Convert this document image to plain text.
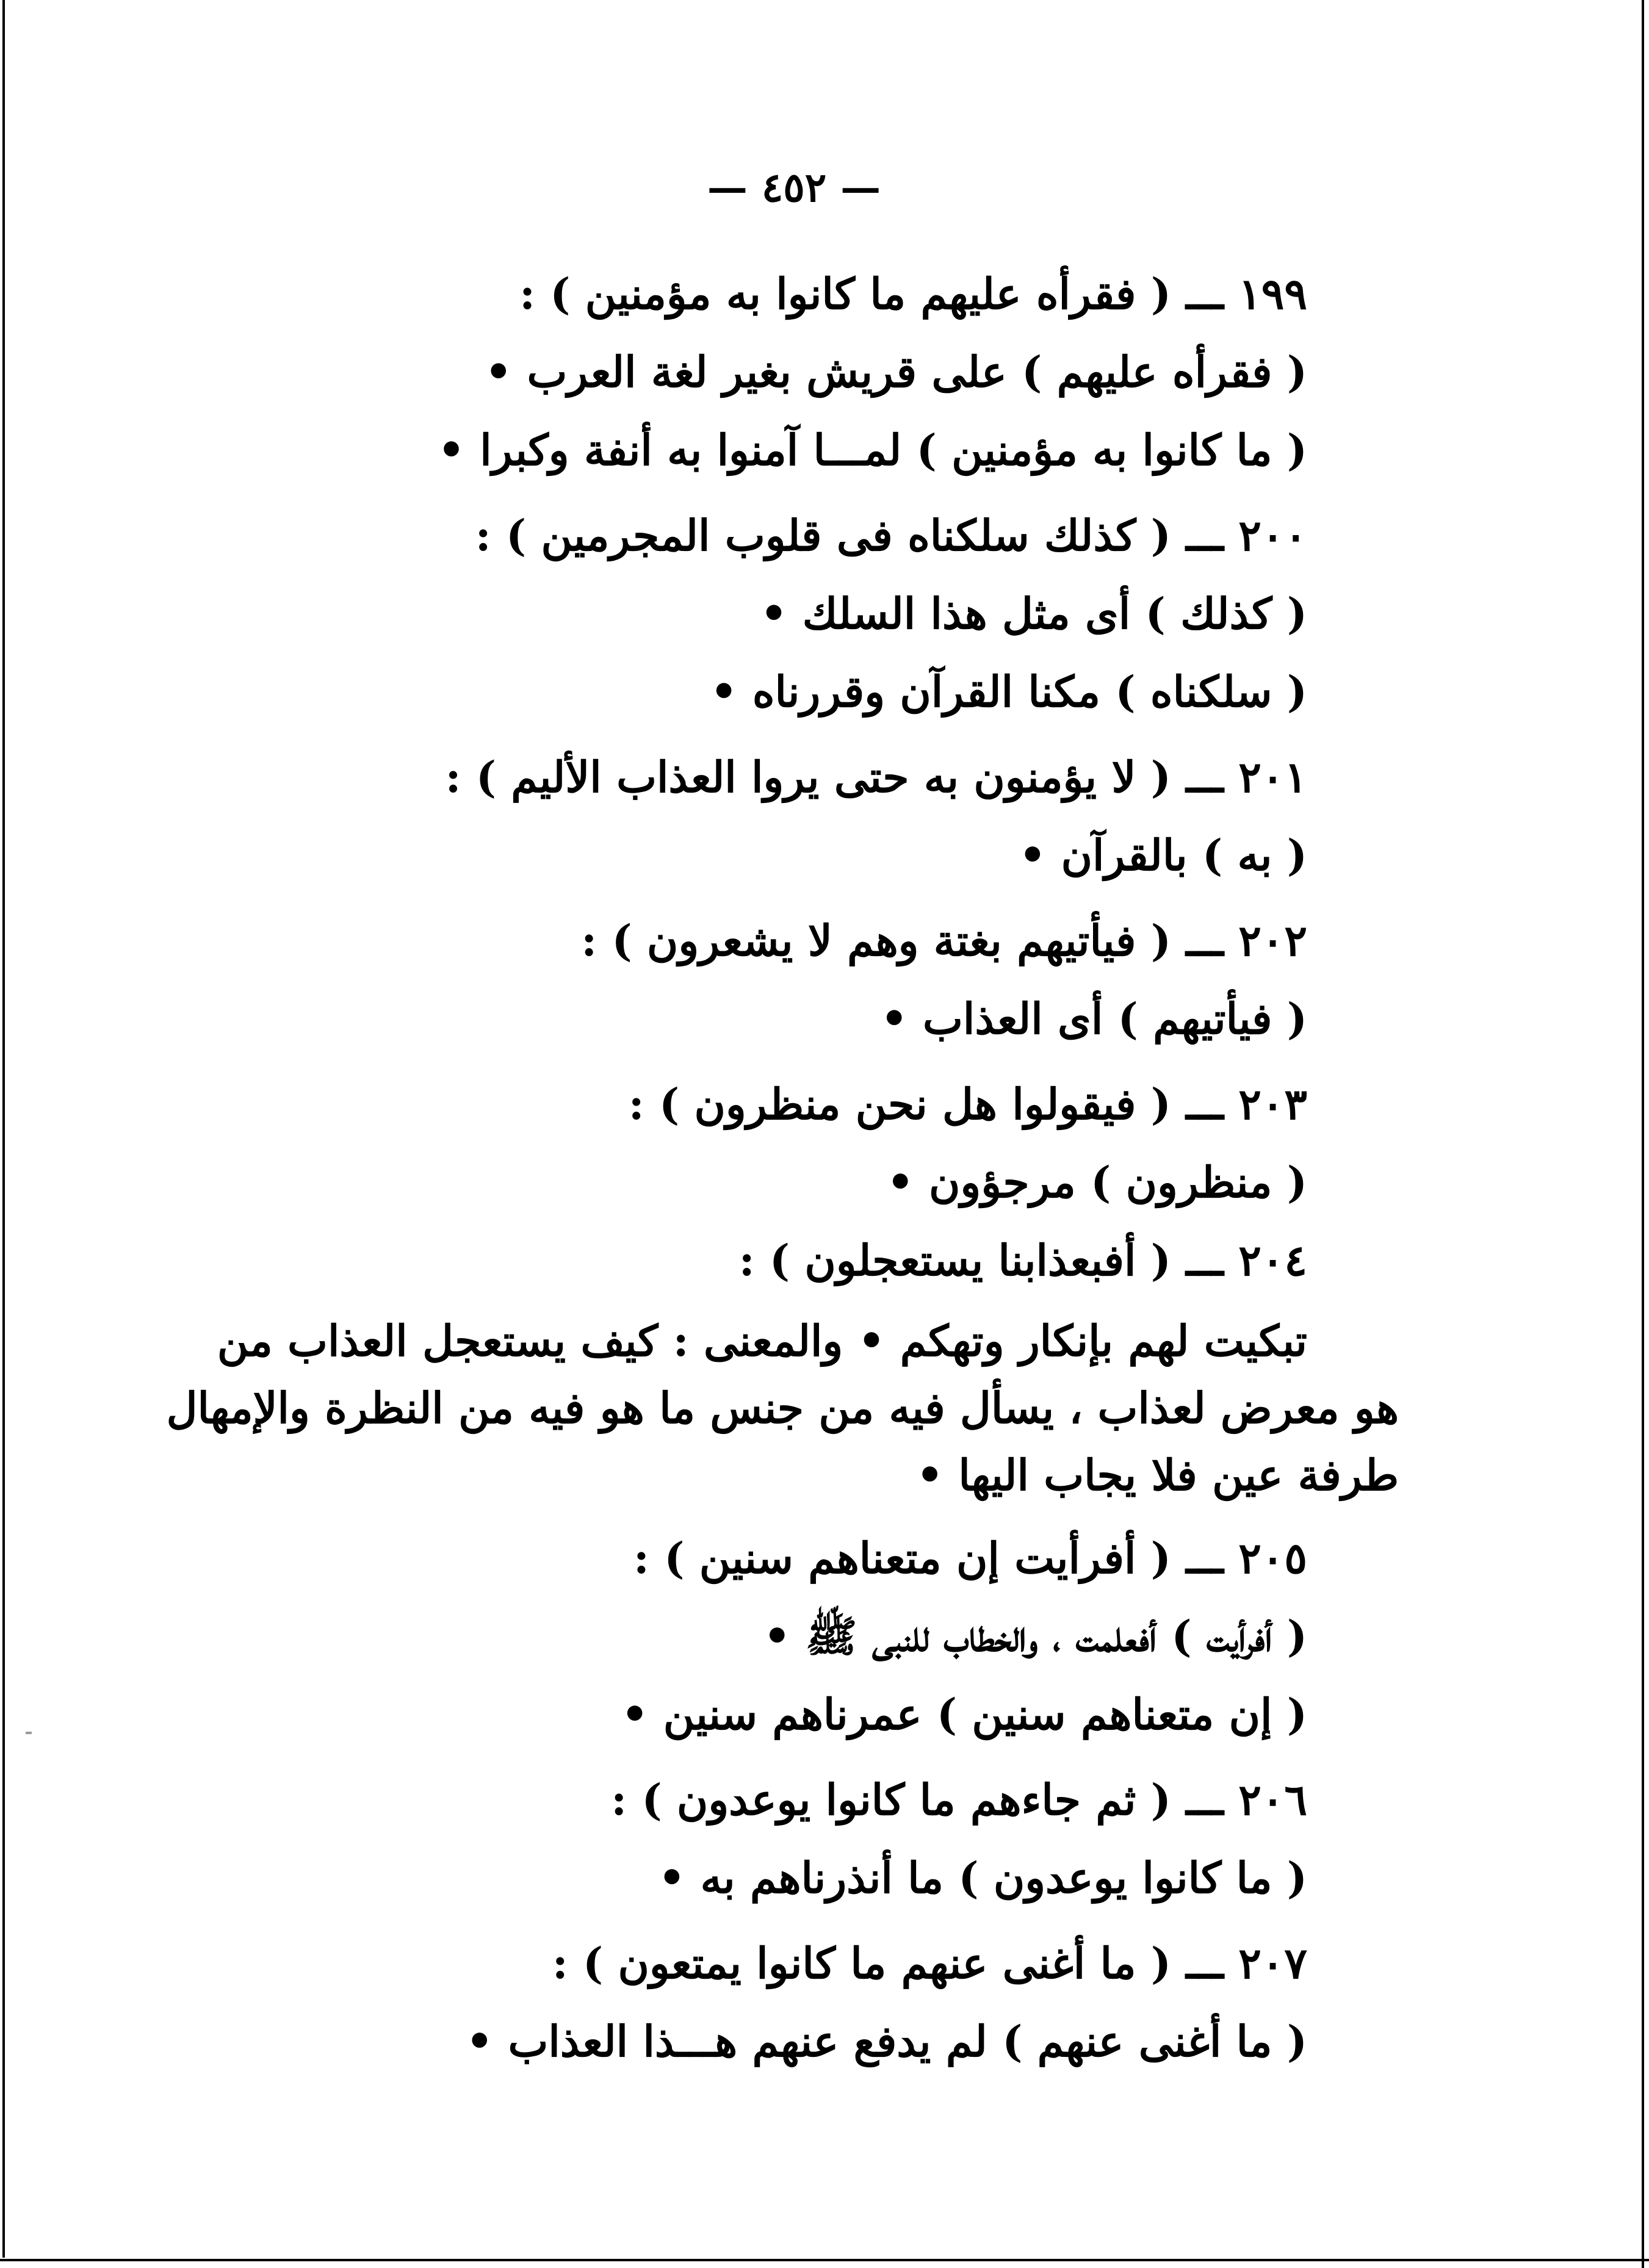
— ٤٥٢ —
١٩٩ ـــ ( فقرأه عليهم ما كانوا به مؤمنين ) :
( فقرأه عليهم ) على قريش بغير لغة العرب •
( ما كانوا به مؤمنين ) لمـــا آمنوا به أنفة وكبرا •
٢٠٠ ـــ ( كذلك سلكناه فى قلوب المجرمين ) :
( كذلك ) أى مثل هذا السلك •
( سلكناه ) مكنا القرآن وقررناه •
٢٠١ ـــ ( لا يؤمنون به حتى يروا العذاب الأليم ) :
( به ) بالقرآن •
٢٠٢ ـــ ( فيأتيهم بغتة وهم لا يشعرون ) :
( فيأتيهم ) أى العذاب •
٢٠٣ ـــ ( فيقولوا هل نحن منظرون ) :
( منظرون ) مرجؤون •
٢٠٤ ـــ ( أفبعذابنا يستعجلون ) :
تبكيت لهم بإنكار وتهكم • والمعنى : كيف يستعجل العذاب من
هو معرض لعذاب ، يسأل فيه من جنس ما هو فيه من النظرة والإمهال
طرفة عين فلا يجاب اليها •
٢٠٥ ـــ ( أفرأيت إن متعناهم سنين ) :
( أفرأيت ) أفعلمت ، والخطاب للنبى ﷺ •
( إن متعناهم سنين ) عمرناهم سنين •
٢٠٦ ـــ ( ثم جاءهم ما كانوا يوعدون ) :
( ما كانوا يوعدون ) ما أنذرناهم به •
٢٠٧ ـــ ( ما أغنى عنهم ما كانوا يمتعون ) :
( ما أغنى عنهم ) لم يدفع عنهم هـــذا العذاب •
